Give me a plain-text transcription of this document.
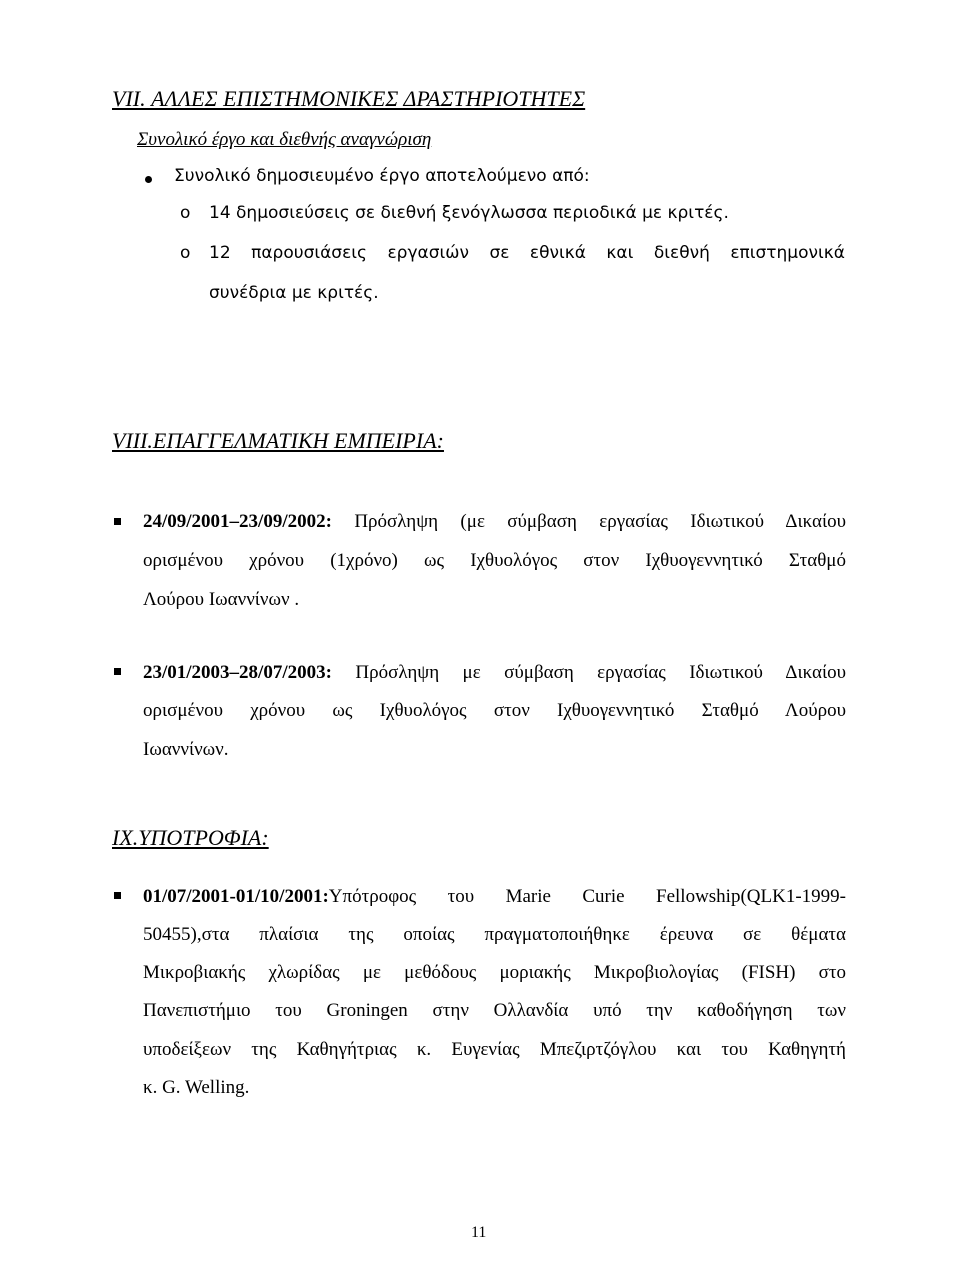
VII. ΑΛΛΕΣ ΕΠΙΣΤΗΜΟΝΙΚΕΣ ΔΡΑΣΤΗΡΙΟΤΗΤΕΣ
Συνολικό έργο και διεθνής αναγνώριση
Συνολικό δημοσιευμένο έργο αποτελούμενο από:
o 14 δημοσιεύσεις σε διεθνή ξενόγλωσσα περιοδικά με κριτές.
o 12 παρουσιάσεις εργασιών σε εθνικά και διεθνή επιστημονικά
συνέδρια με κριτές.
VIII.ΕΠΑΓΓΕΛΜΑΤΙΚΗ ΕΜΠΕΙΡΙΑ:
24/09/2001–23/09/2002: Πρόσληψη (με σύμβαση εργασίας Ιδιωτικού Δικαίου
ορισμένου χρόνου (1χρόνο) ως Ιχθυολόγος στον Ιχθυογεννητικό Σταθμό
Λούρου Ιωαννίνων .
23/01/2003–28/07/2003: Πρόσληψη με σύμβαση εργασίας Ιδιωτικού Δικαίου
ορισμένου χρόνου ως Ιχθυολόγος στον Ιχθυογεννητικό Σταθμό Λούρου
Ιωαννίνων.
IX.ΥΠΟΤΡΟΦΙΑ:
01/07/2001-01/10/2001:Υπότροφος του Marie Curie Fellowship(QLK1-1999-
50455),στα πλαίσια της οποίας πραγματοποιήθηκε έρευνα σε θέματα
Μικροβιακής χλωρίδας με μεθόδους μοριακής Μικροβιολογίας (FISH) στο
Πανεπιστήμιο του Groningen στην Ολλανδία υπό την καθοδήγηση των
υποδείξεων της Καθηγήτριας κ. Ευγενίας Μπεζιρτζόγλου και του Καθηγητή
κ. G. Welling.
11
